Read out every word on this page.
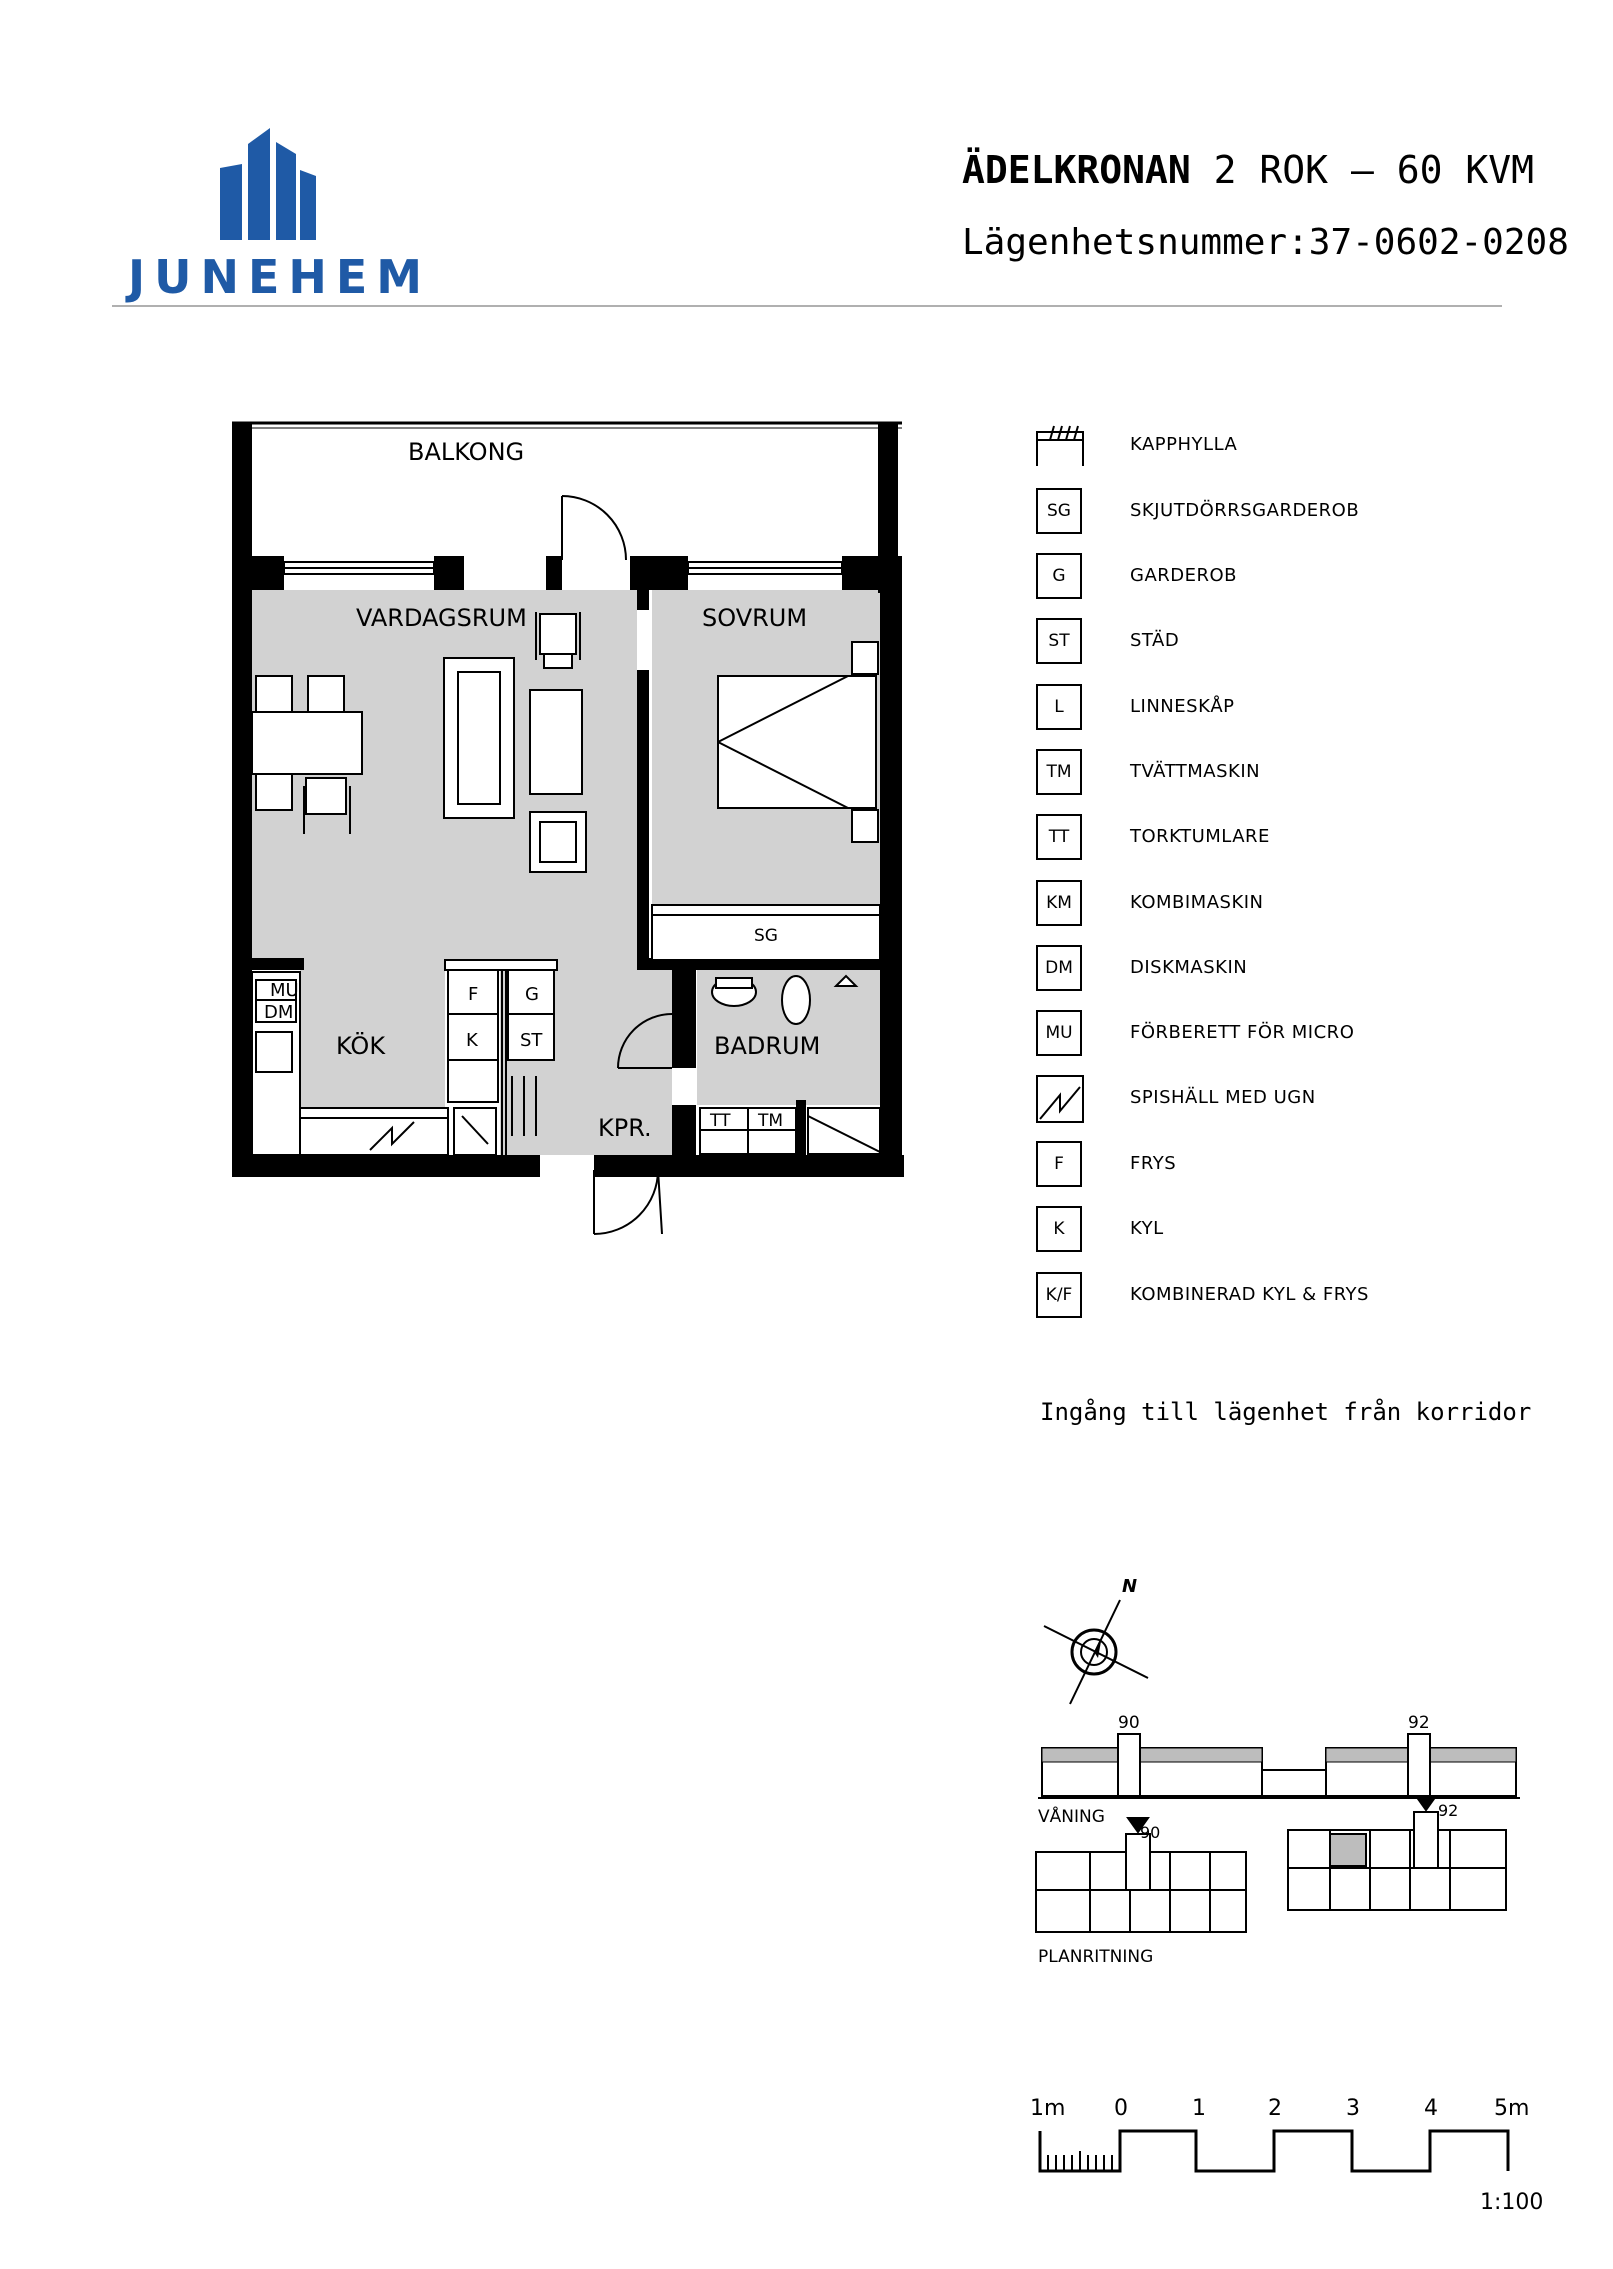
JUNEHEM
ÄDELKRONAN 2 ROK – 60 KVM
Lägenhetsnummer:37-0602-0208
SG
MU
DM
F	G
K ST
TT TM
BALKONG
VARDAGSRUM	SOVRUM
KÖK	BADRUM
KPR.
KAPPHYLLA
SG	SKJUTDÖRRSGARDEROB
G	GARDEROB
ST	STÄD
L	LINNESKÅP
TM	TVÄTTMASKIN
TT	TORKTUMLARE
KM	KOMBIMASKIN
DM	DISKMASKIN
MU	FÖRBERETT FÖR MICRO
SPISHÄLL MED UGN
F	FRYS
K	KYL
K/F	KOMBINERAD KYL & FRYS
Ingång till lägenhet från korridor
N
90	92
VÅNING
90
92
PLANRITNING
1m 0	1	2	3	4	5m
1:100
